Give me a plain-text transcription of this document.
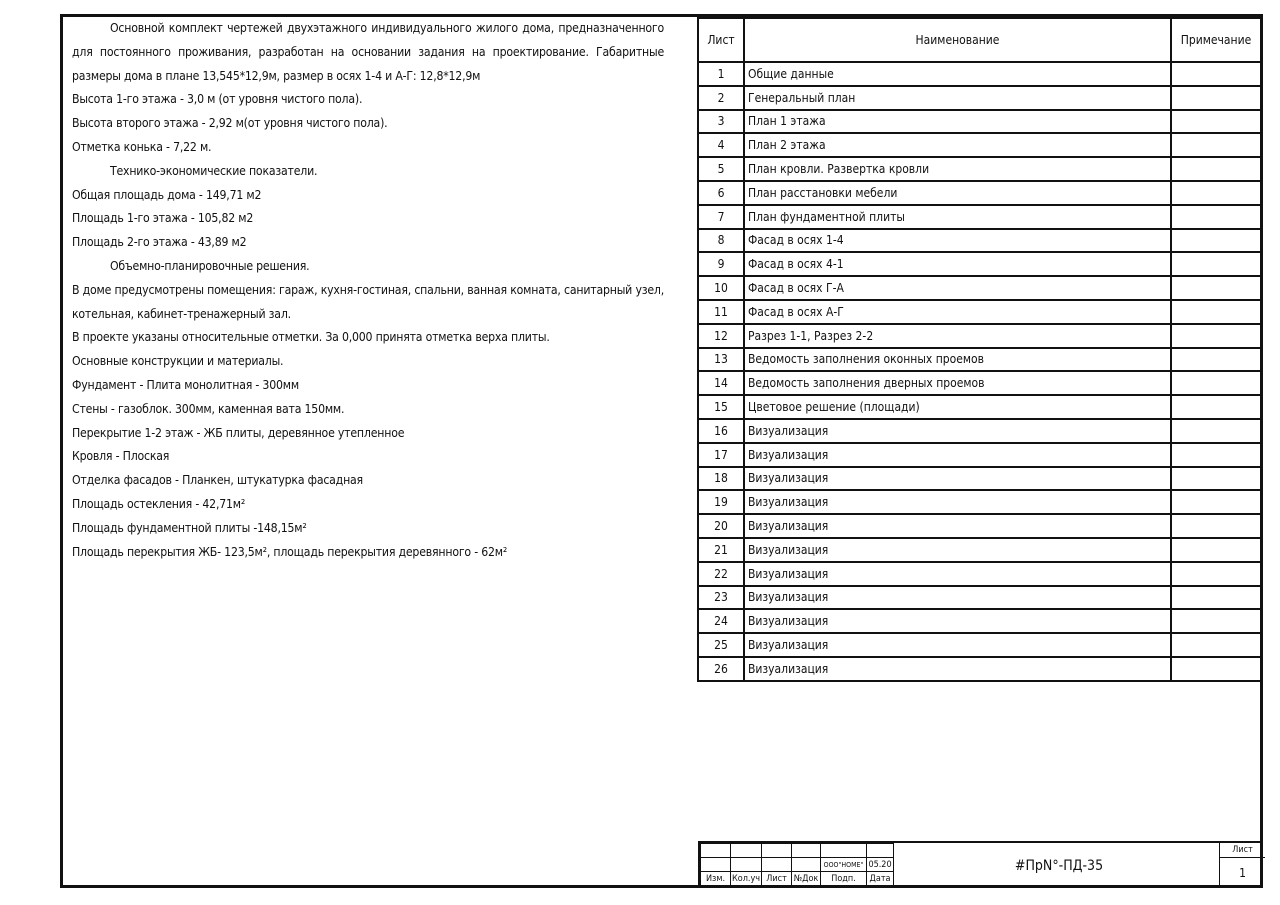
Основной комплект чертежей двухэтажного индивидуального жилого дома, предназначенного
для постоянного проживания, разработан на основании задания на проектирование. Габаритные
размеры дома в плане 13,545*12,9м, размер в осях 1-4 и А-Г: 12,8*12,9м
Высота 1-го этажа - 3,0 м (от уровня чистого пола).
Высота второго этажа - 2,92 м(от уровня чистого пола).
Отметка конька - 7,22 м.
Технико-экономические показатели.
Общая площадь дома - 149,71 м2
Площадь 1-го этажа - 105,82 м2
Площадь 2-го этажа - 43,89 м2
Объемно-планировочные решения.
В доме предусмотрены помещения: гараж, кухня-гостиная, спальни, ванная комната, санитарный узел,
котельная, кабинет-тренажерный зал.
В проекте указаны относительные отметки. За 0,000 принята отметка верха плиты.
Основные конструкции и материалы.
Фундамент - Плита монолитная - 300мм
Стены - газоблок. 300мм, каменная вата 150мм.
Перекрытие 1-2 этаж - ЖБ плиты, деревянное утепленное
Кровля - Плоская
Отделка фасадов - Планкен, штукатурка фасадная
Площадь остекления - 42,71м²
Площадь фундаментной плиты -148,15м²
Площадь перекрытия ЖБ- 123,5м², площадь перекрытия деревянного - 62м²
Лист	Наименование	Примечание
1	Общие данные	
2	Генеральный план	
3	План 1 этажа	
4	План 2 этажа	
5	План кровли. Развертка кровли	
6	План расстановки мебели	
7	План фундаментной плиты	
8	Фасад в осях 1-4	
9	Фасад в осях 4-1	
10	Фасад в осях Г-А	
11	Фасад в осях А-Г	
12	Разрез 1-1, Разрез 2-2	
13	Ведомость заполнения оконных проемов	
14	Ведомость заполнения дверных проемов	
15	Цветовое решение (площади)	
16	Визуализация	
17	Визуализация	
18	Визуализация	
19	Визуализация	
20	Визуализация	
21	Визуализация	
22	Визуализация	
23	Визуализация	
24	Визуализация	
25	Визуализация	
26	Визуализация	

				ООО"HOME"	05.20
Изм.	Кол.уч	Лист	№Док	Подп.	Дата
#ПрN°-ПД-35
Лист
1
